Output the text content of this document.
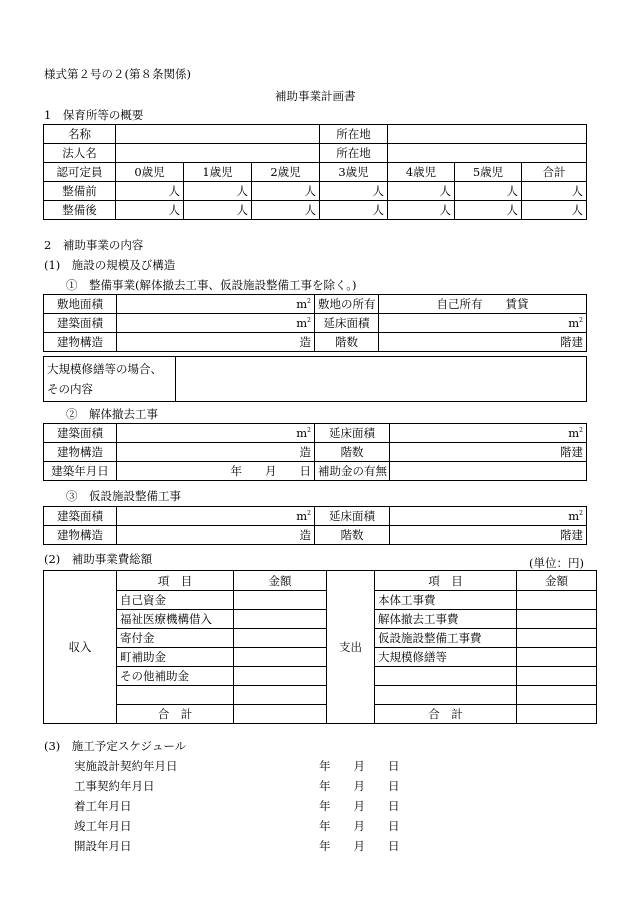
様式第２号の２(第８条関係)
補助事業計画書
1　保育所等の概要
名称				所在地			
法人名				所在地			
認可定員	0歳児	1歳児	2歳児	3歳児	4歳児	5歳児	合計
整備前	人	人	人	人	人	人	人
整備後	人	人	人	人	人	人	人
2　補助事業の内容
(1)　施設の規模及び構造
①　整備事業(解体撤去工事、仮設施設整備工事を除く。)
敷地面積	$m^2$	敷地の所有	自己所有　　賃貸
建築面積	$m^2$	延床面積	$m^2$
建物構造	造	階数	階建
大規模修繕等の場合、
その内容	
②　解体撤去工事
建築面積	$m^2$	延床面積	$m^2$
建物構造	造	階数	階建
建築年月日	年　　月　　日	補助金の有無	
③　仮設施設整備工事
建築面積	$m^2$	延床面積	$m^2$
建物構造	造	階数	階建
(2)　補助事業費総額	(単位：円)
収入	項　目	金額	支出	項　目	金額
	自己資金			本体工事費	
	福祉医療機構借入			解体撤去工事費	
	寄付金			仮設施設整備工事費	
	町補助金			大規模修繕等	
	その他補助金				

	合　計			合　計	
(3)　施工予定スケジュール
実施設計契約年月日	年　　月　　日
工事契約年月日	年　　月　　日
着工年月日	年　　月　　日
竣工年月日	年　　月　　日
開設年月日	年　　月　　日
